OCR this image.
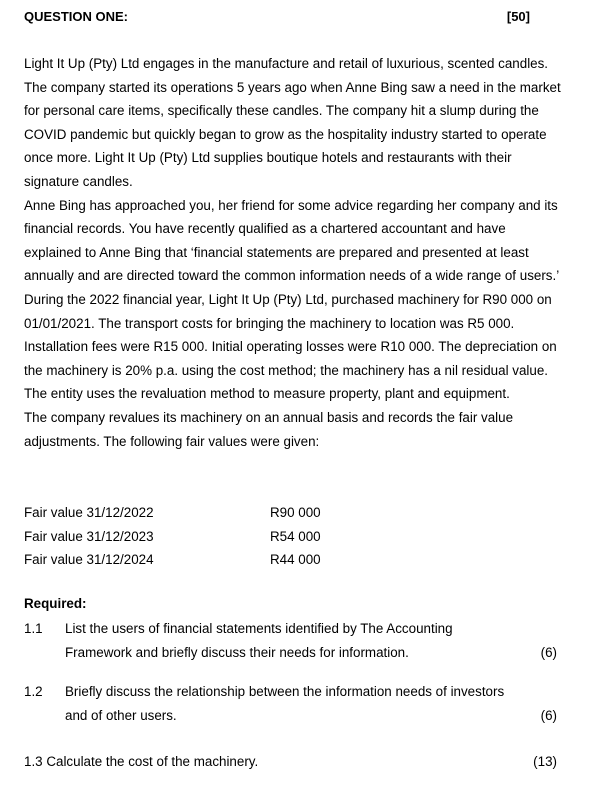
QUESTION ONE:	[50]

Light It Up (Pty) Ltd engages in the manufacture and retail of luxurious, scented candles. The company started its operations 5 years ago when Anne Bing saw a need in the market for personal care items, specifically these candles. The company hit a slump during the COVID pandemic but quickly began to grow as the hospitality industry started to operate once more. Light It Up (Pty) Ltd supplies boutique hotels and restaurants with their signature candles.

Anne Bing has approached you, her friend for some advice regarding her company and its financial records. You have recently qualified as a chartered accountant and have explained to Anne Bing that ‘financial statements are prepared and presented at least annually and are directed toward the common information needs of a wide range of users.’

During the 2022 financial year, Light It Up (Pty) Ltd, purchased machinery for R90 000 on 01/01/2021. The transport costs for bringing the machinery to location was R5 000. Installation fees were R15 000. Initial operating losses were R10 000. The depreciation on the machinery is 20% p.a. using the cost method; the machinery has a nil residual value. The entity uses the revaluation method to measure property, plant and equipment.

The company revalues its machinery on an annual basis and records the fair value adjustments. The following fair values were given:

Fair value 31/12/2022	R90 000
Fair value 31/12/2023	R54 000
Fair value 31/12/2024	R44 000
Required:
1.1 List the users of financial statements identified by The Accounting Framework and briefly discuss their needs for information.	(6)
1.2 Briefly discuss the relationship between the information needs of investors and of other users.	(6)
1.3 Calculate the cost of the machinery.	(13)
